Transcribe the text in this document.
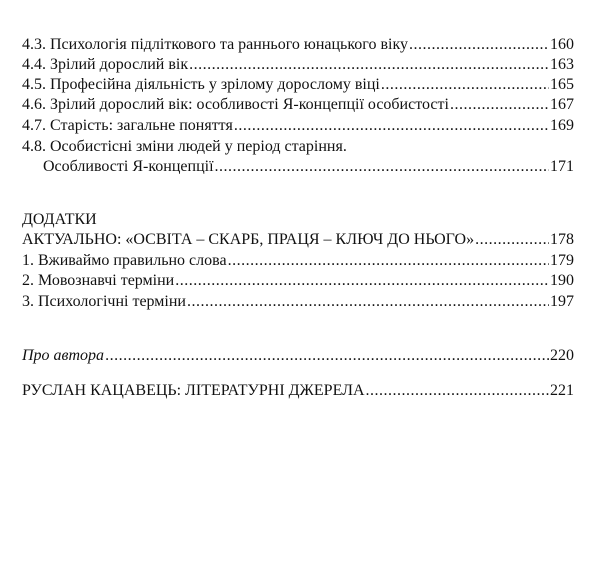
4.3. Психологія підліткового та раннього юнацького віку .....	160
4.4. Зрілий дорослий вік .....	163
4.5. Професійна діяльність у зрілому дорослому віці .....	165
4.6. Зрілий дорослий вік: особливості Я-концепції особистості .....	167
4.7. Старість: загальне поняття .....	169
4.8. Особистісні зміни людей у період старіння.
Особливості Я-концепції .....	171
ДОДАТКИ
АКТУАЛЬНО: «ОСВІТА – СКАРБ, ПРАЦЯ – КЛЮЧ ДО НЬОГО» .....	178
1. Вживаймо правильно слова .....	179
2. Мовознавчі терміни .....	190
3. Психологічні терміни .....	197
Про автора .....	220
РУСЛАН КАЦАВЕЦЬ: ЛІТЕРАТУРНІ ДЖЕРЕЛА .....	221
